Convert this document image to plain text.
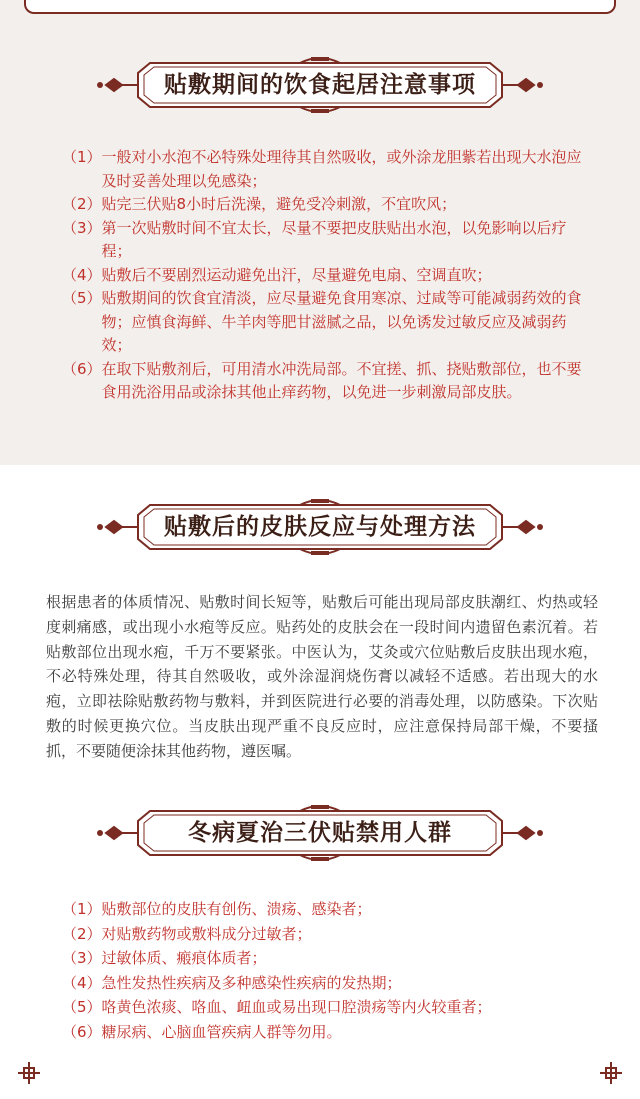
贴敷期间的饮食起居注意事项
（1） 一般对小水泡不必特殊处理待其自然吸收，或外涂龙胆紫若出现大水泡应及时妥善处理以免感染；
（2） 贴完三伏贴8小时后洗澡，避免受冷刺激，不宜吹风；
（3） 第一次贴敷时间不宜太长，尽量不要把皮肤贴出水泡，以免影响以后疗程；
（4） 贴敷后不要剧烈运动避免出汗，尽量避免电扇、空调直吹；
（5） 贴敷期间的饮食宜清淡，应尽量避免食用寒凉、过咸等可能减弱药效的食物；应慎食海鲜、牛羊肉等肥甘滋腻之品，以免诱发过敏反应及减弱药效；
（6） 在取下贴敷剂后，可用清水冲洗局部。不宜搓、抓、挠贴敷部位，也不要食用洗浴用品或涂抹其他止痒药物，以免进一步刺激局部皮肤。
贴敷后的皮肤反应与处理方法

根据患者的体质情况、贴敷时间长短等，贴敷后可能出现局部皮肤潮红、灼热或轻度刺痛感，或出现小水疱等反应。贴药处的皮肤会在一段时间内遗留色素沉着。若贴敷部位出现水疱，千万不要紧张。中医认为，艾灸或穴位贴敷后皮肤出现水疱，不必特殊处理，待其自然吸收，或外涂湿润烧伤膏以减轻不适感。若出现大的水疱，立即祛除贴敷药物与敷料，并到医院进行必要的消毒处理，以防感染。下次贴敷的时候更换穴位。当皮肤出现严重不良反应时，应注意保持局部干燥，不要搔抓，不要随便涂抹其他药物，遵医嘱。

冬病夏治三伏贴禁用人群
（1） 贴敷部位的皮肤有创伤、溃疡、感染者；
（2） 对贴敷药物或敷料成分过敏者；
（3） 过敏体质、瘢痕体质者；
（4） 急性发热性疾病及多种感染性疾病的发热期；
（5） 咯黄色浓痰、咯血、衄血或易出现口腔溃疡等内火较重者；
（6） 糖尿病、心脑血管疾病人群等勿用。
